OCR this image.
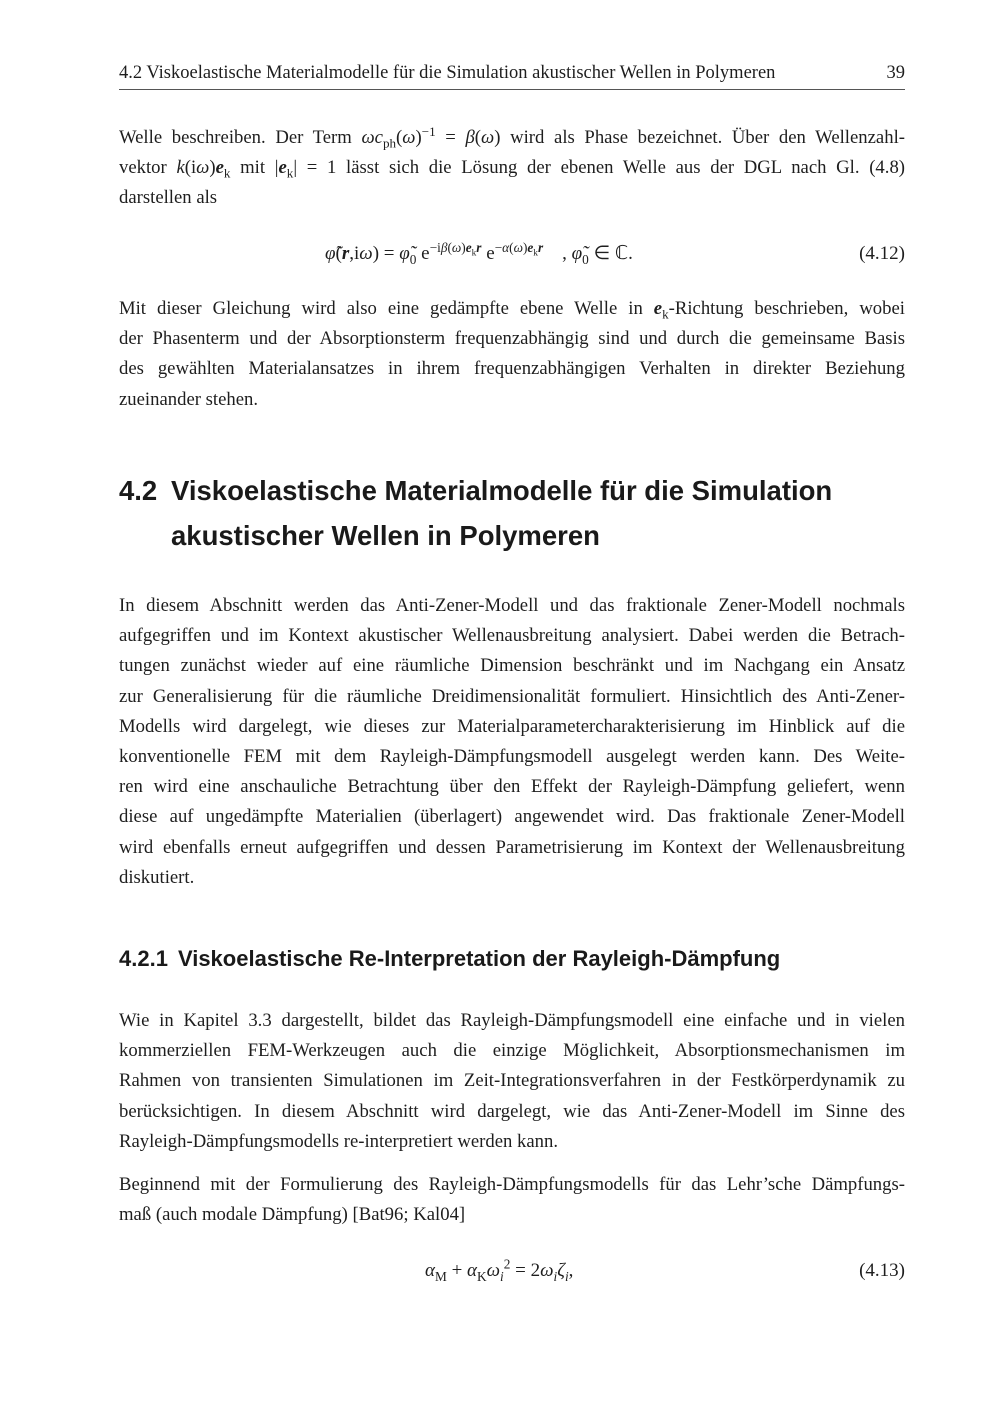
4.2 Viskoelastische Materialmodelle für die Simulation akustischer Wellen in Polymeren	39
Welle beschreiben. Der Term $\omega c_{ph}(\omega)^{-1} = \beta(\omega)$ wird als Phase bezeichnet. Über den Wellenzahl-
vektor $k(i\omega)e_k$ mit $|e_k| = 1$ lässt sich die Lösung der ebenen Welle aus der DGL nach Gl. (4.8)
darstellen als
φ̃(r,iω) = $\varphĩ_0$ $e^{-i\beta(\omega)e_kr}$ $e^{-\alpha(\omega)e_kr}$    , $\varphĩ_0$ ∈ ℂ.	(4.12)
Mit dieser Gleichung wird also eine gedämpfte ebene Welle in $e_k$-Richtung beschrieben, wobei
der Phasenterm und der Absorptionsterm frequenzabhängig sind und durch die gemeinsame Basis
des gewählten Materialansatzes in ihrem frequenzabhängigen Verhalten in direkter Beziehung
zueinander stehen.
4.2 Viskoelastische Materialmodelle für die Simulation
akustischer Wellen in Polymeren
In diesem Abschnitt werden das Anti-Zener-Modell und das fraktionale Zener-Modell nochmals
aufgegriffen und im Kontext akustischer Wellenausbreitung analysiert. Dabei werden die Betrach-
tungen zunächst wieder auf eine räumliche Dimension beschränkt und im Nachgang ein Ansatz
zur Generalisierung für die räumliche Dreidimensionalität formuliert. Hinsichtlich des Anti-Zener-
Modells wird dargelegt, wie dieses zur Materialparametercharakterisierung im Hinblick auf die
konventionelle FEM mit dem Rayleigh-Dämpfungsmodell ausgelegt werden kann. Des Weite-
ren wird eine anschauliche Betrachtung über den Effekt der Rayleigh-Dämpfung geliefert, wenn
diese auf ungedämpfte Materialien (überlagert) angewendet wird. Das fraktionale Zener-Modell
wird ebenfalls erneut aufgegriffen und dessen Parametrisierung im Kontext der Wellenausbreitung
diskutiert.
4.2.1 Viskoelastische Re-Interpretation der Rayleigh-Dämpfung
Wie in Kapitel 3.3 dargestellt, bildet das Rayleigh-Dämpfungsmodell eine einfache und in vielen
kommerziellen FEM-Werkzeugen auch die einzige Möglichkeit, Absorptionsmechanismen im
Rahmen von transienten Simulationen im Zeit-Integrationsverfahren in der Festkörperdynamik zu
berücksichtigen. In diesem Abschnitt wird dargelegt, wie das Anti-Zener-Modell im Sinne des
Rayleigh-Dämpfungsmodells re-interpretiert werden kann.
Beginnend mit der Formulierung des Rayleigh-Dämpfungsmodells für das Lehr’sche Dämpfungs-
maß (auch modale Dämpfung) [Bat96; Kal04]
$\alpha_M + \alpha_K\omega_i^2 = 2\omega_i\zeta_i$,	(4.13)
